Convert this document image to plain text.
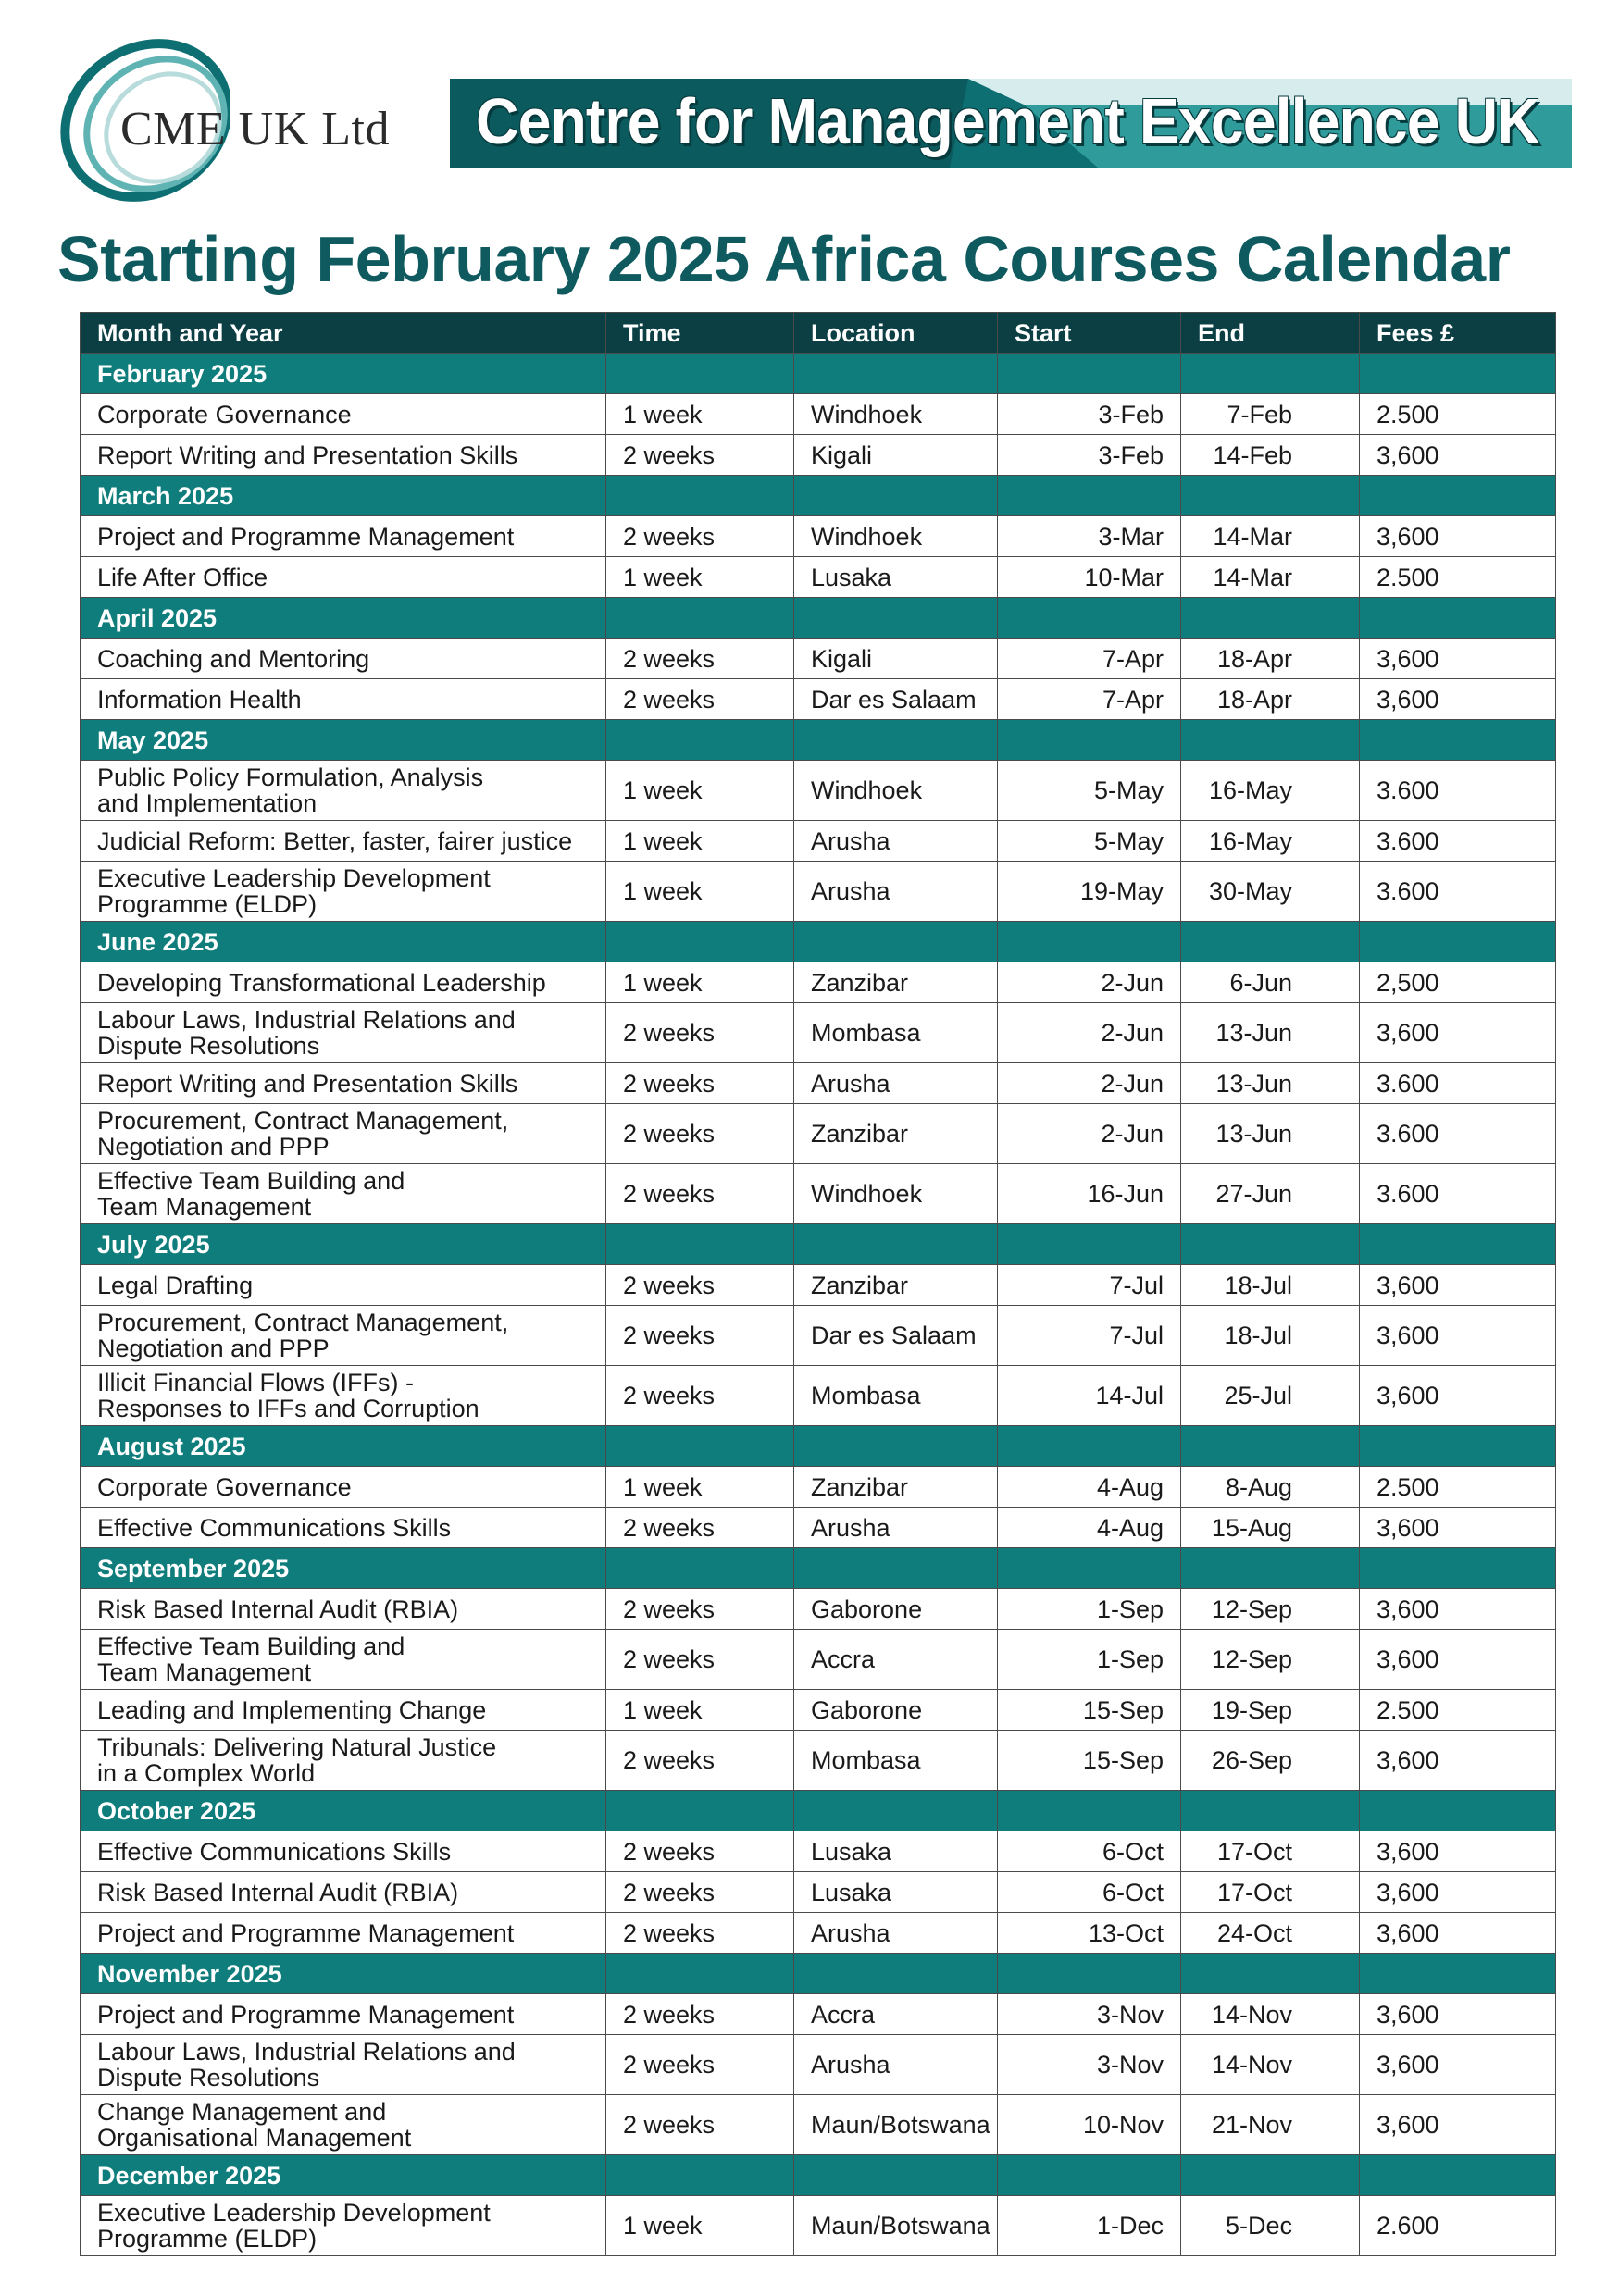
CME UK Ltd Centre for Management Excellence UK
Starting February 2025 Africa Courses Calendar
Month and Year	Time	Location	Start	End	Fees £
February 2025					
Corporate Governance	1 week	Windhoek	3-Feb	7-Feb	2.500
Report Writing and Presentation Skills	2 weeks	Kigali	3-Feb	14-Feb	3,600
March 2025					
Project and Programme Management	2 weeks	Windhoek	3-Mar	14-Mar	3,600
Life After Office	1 week	Lusaka	10-Mar	14-Mar	2.500
April 2025					
Coaching and Mentoring	2 weeks	Kigali	7-Apr	18-Apr	3,600
Information Health	2 weeks	Dar es Salaam	7-Apr	18-Apr	3,600
May 2025					

Public Policy Formulation, Analysis
and Implementation	1 week	Windhoek	5-May	16-May	3.600
Judicial Reform: Better, faster, fairer justice	1 week	Arusha	5-May	16-May	3.600

Executive Leadership Development
Programme (ELDP)	1 week	Arusha	19-May	30-May	3.600
June 2025					
Developing Transformational Leadership	1 week	Zanzibar	2-Jun	6-Jun	2,500

Labour Laws, Industrial Relations and
Dispute Resolutions	2 weeks	Mombasa	2-Jun	13-Jun	3,600
Report Writing and Presentation Skills	2 weeks	Arusha	2-Jun	13-Jun	3.600

Procurement, Contract Management,
Negotiation and PPP	2 weeks	Zanzibar	2-Jun	13-Jun	3.600

Effective Team Building and
Team Management	2 weeks	Windhoek	16-Jun	27-Jun	3.600
July 2025					
Legal Drafting	2 weeks	Zanzibar	7-Jul	18-Jul	3,600

Procurement, Contract Management,
Negotiation and PPP	2 weeks	Dar es Salaam	7-Jul	18-Jul	3,600

Illicit Financial Flows (IFFs) -
Responses to IFFs and Corruption	2 weeks	Mombasa	14-Jul	25-Jul	3,600
August 2025					
Corporate Governance	1 week	Zanzibar	4-Aug	8-Aug	2.500
Effective Communications Skills	2 weeks	Arusha	4-Aug	15-Aug	3,600
September 2025					
Risk Based Internal Audit (RBIA)	2 weeks	Gaborone	1-Sep	12-Sep	3,600

Effective Team Building and
Team Management	2 weeks	Accra	1-Sep	12-Sep	3,600
Leading and Implementing Change	1 week	Gaborone	15-Sep	19-Sep	2.500

Tribunals: Delivering Natural Justice
in a Complex World	2 weeks	Mombasa	15-Sep	26-Sep	3,600
October 2025					
Effective Communications Skills	2 weeks	Lusaka	6-Oct	17-Oct	3,600
Risk Based Internal Audit (RBIA)	2 weeks	Lusaka	6-Oct	17-Oct	3,600
Project and Programme Management	2 weeks	Arusha	13-Oct	24-Oct	3,600
November 2025					
Project and Programme Management	2 weeks	Accra	3-Nov	14-Nov	3,600

Labour Laws, Industrial Relations and
Dispute Resolutions	2 weeks	Arusha	3-Nov	14-Nov	3,600

Change Management and
Organisational Management	2 weeks	Maun/Botswana	10-Nov	21-Nov	3,600
December 2025					

Executive Leadership Development
Programme (ELDP)	1 week	Maun/Botswana	1-Dec	5-Dec	2.600
